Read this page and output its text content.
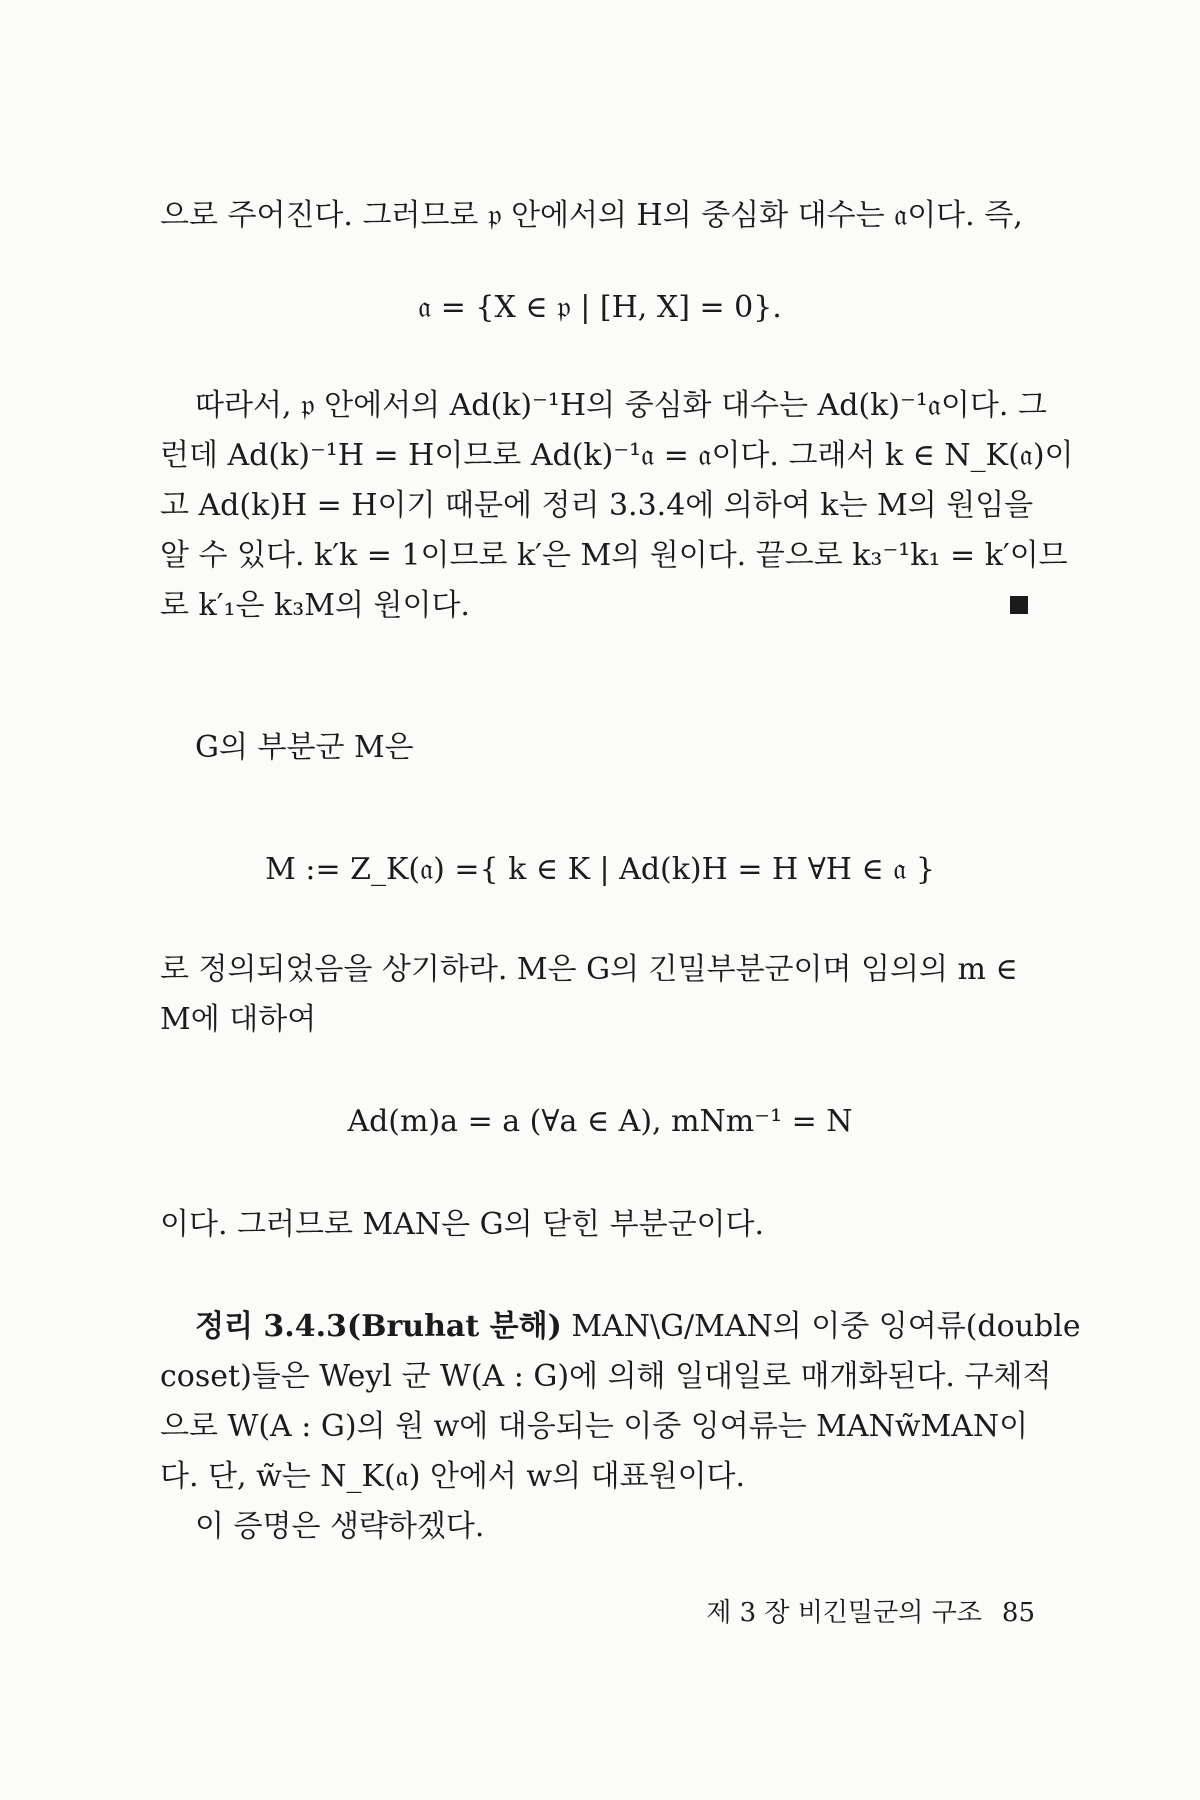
으로 주어진다. 그러므로 𝔭 안에서의 H의 중심화 대수는 𝔞이다. 즉,
𝔞 = {X ∈ 𝔭 | [H, X] = 0}.
따라서, 𝔭 안에서의 Ad(k)⁻¹H의 중심화 대수는 Ad(k)⁻¹𝔞이다. 그
런데 Ad(k)⁻¹H = H이므로 Ad(k)⁻¹𝔞 = 𝔞이다. 그래서 k ∈ N_K(𝔞)이
고 Ad(k)H = H이기 때문에 정리 3.3.4에 의하여 k는 M의 원임을
알 수 있다. k′k = 1이므로 k′은 M의 원이다. 끝으로 k₃⁻¹k₁ = k′이므
로 k′₁은 k₃M의 원이다.
G의 부분군 M은
M := Z_K(𝔞) ={ k ∈ K | Ad(k)H = H ∀H ∈ 𝔞 }
로 정의되었음을 상기하라. M은 G의 긴밀부분군이며 임의의 m ∈
M에 대하여
Ad(m)a = a (∀a ∈ A), mNm⁻¹ = N
이다. 그러므로 MAN은 G의 닫힌 부분군이다.
정리 3.4.3(Bruhat 분해) MAN\G/MAN의 이중 잉여류(double
coset)들은 Weyl 군 W(A : G)에 의해 일대일로 매개화된다. 구체적
으로 W(A : G)의 원 w에 대응되는 이중 잉여류는 MANw̃MAN이
다. 단, w̃는 N_K(𝔞) 안에서 w의 대표원이다.
이 증명은 생략하겠다.
제 3 장 비긴밀군의 구조 85
